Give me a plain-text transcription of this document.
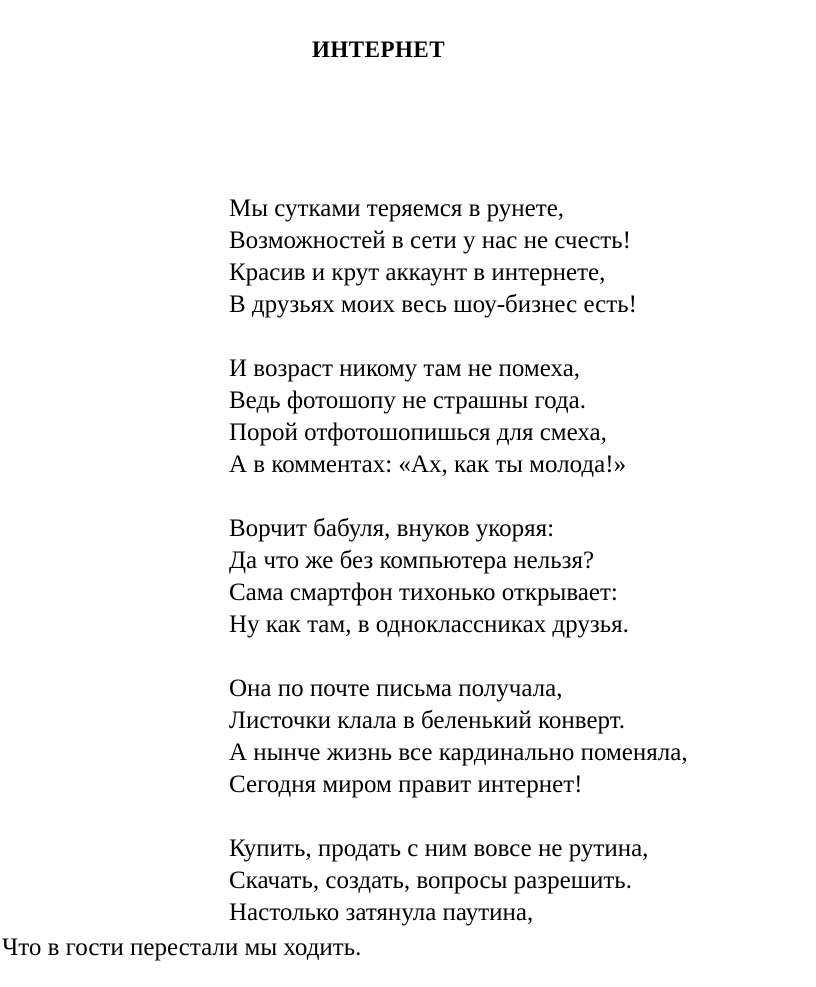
ИНТЕРНЕТ
Мы сутками теряемся в рунете,
Возможностей в сети у нас не счесть!
Красив и крут аккаунт в интернете,
В друзьях моих весь шоу-бизнес есть!
И возраст никому там не помеха,
Ведь фотошопу не страшны года.
Порой отфотошопишься для смеха,
А в комментах: «Ах, как ты молода!»
Ворчит бабуля, внуков укоряя:
Да что же без компьютера нельзя?
Сама смартфон тихонько открывает:
Ну как там, в одноклассниках друзья.
Она по почте письма получала,
Листочки клала в беленький конверт.
А нынче жизнь все кардинально поменяла,
Сегодня миром правит интернет!
Купить, продать с ним вовсе не рутина,
Скачать, создать, вопросы разрешить.
Настолько затянула паутина,
Что в гости перестали мы ходить.
